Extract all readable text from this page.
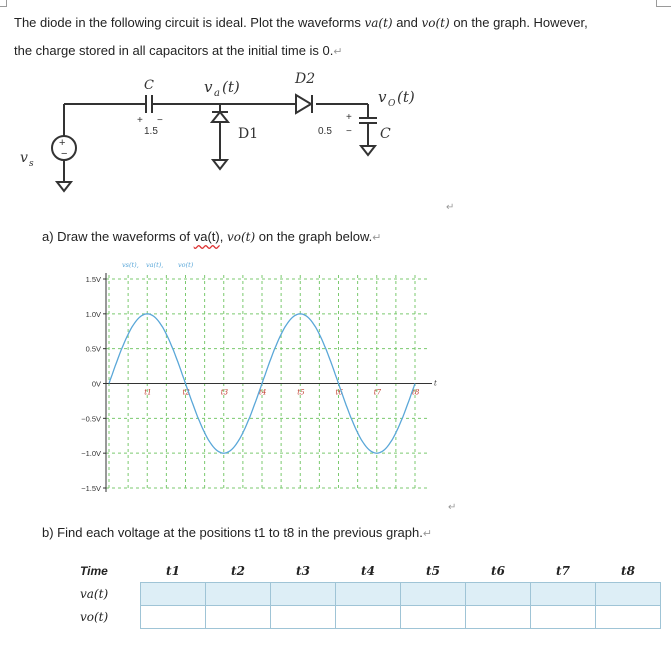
The diode in the following circuit is ideal. Plot the waveforms va(t) and vo(t) on the graph. However,
the charge stored in all capacitors at the initial time is 0.↵
↵
+
−
v s
C
+ −
1.5
v a (t)	D2
D1
+
−
0.5	C
v O (t)
a) Draw the waveforms of va(t), vo(t) on the graph below.↵
t
1.5V
1.0V
0.5V
0V
−0.5V
−1.0V
−1.5V
vs(t), va(t), vo(t)
t1	t2	t3	t4	t5	t6	t7	t8
↵
b) Find each voltage at the positions t1 to t8 in the previous graph.↵
Time	t1	t2	t3	t4	t5	t6	t7	t8
va(t)								
vo(t)								
